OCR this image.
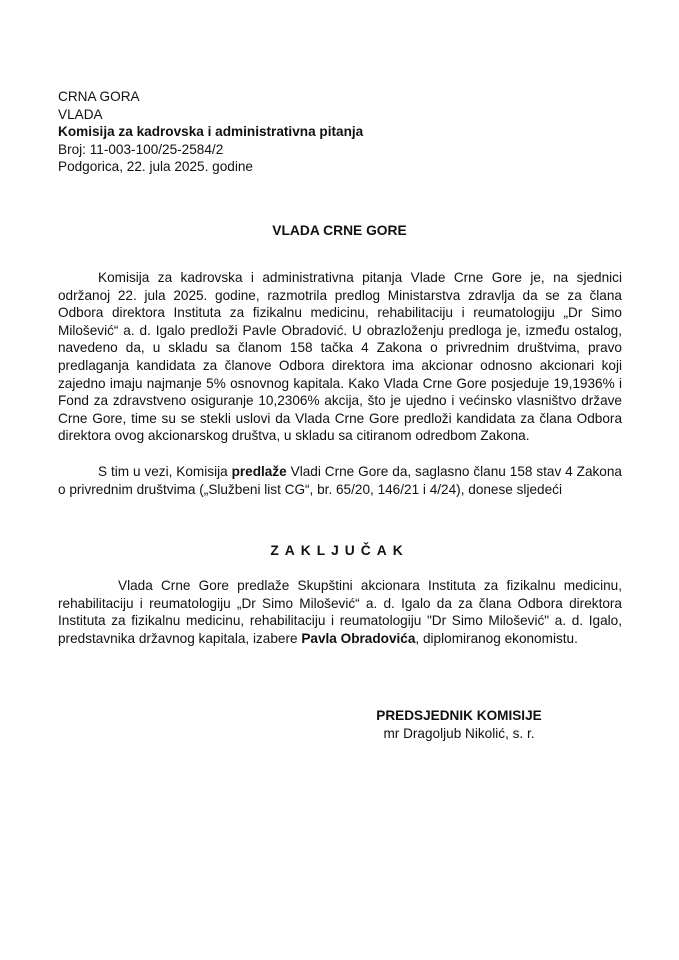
CRNA GORA
VLADA
Komisija za kadrovska i administrativna pitanja
Broj: 11-003-100/25-2584/2
Podgorica, 22. jula 2025. godine
VLADA CRNE GORE
Komisija za kadrovska i administrativna pitanja Vlade Crne Gore je, na sjednici održanoj 22. jula 2025. godine, razmotrila predlog Ministarstva zdravlja da se za člana Odbora direktora Instituta za fizikalnu medicinu, rehabilitaciju i reumatologiju „Dr Simo Milošević“ a. d. Igalo predloži Pavle Obradović. U obrazloženju predloga je, između ostalog, navedeno da, u skladu sa članom 158 tačka 4 Zakona o privrednim društvima, pravo predlaganja kandidata za članove Odbora direktora ima akcionar odnosno akcionari koji zajedno imaju najmanje 5% osnovnog kapitala. Kako Vlada Crne Gore posjeduje 19,1936% i Fond za zdravstveno osiguranje 10,2306% akcija, što je ujedno i većinsko vlasništvo države Crne Gore, time su se stekli uslovi da Vlada Crne Gore predloži kandidata za člana Odbora direktora ovog akcionarskog društva, u skladu sa citiranom odredbom Zakona.
S tim u vezi, Komisija predlaže Vladi Crne Gore da, saglasno članu 158 stav 4 Zakona o privrednim društvima („Službeni list CG“, br. 65/20, 146/21 i 4/24), donese sljedeći
ZAKLJUČAK
Vlada Crne Gore predlaže Skupštini akcionara Instituta za fizikalnu medicinu, rehabilitaciju i reumatologiju „Dr Simo Milošević“ a. d. Igalo da za člana Odbora direktora Instituta za fizikalnu medicinu, rehabilitaciju i reumatologiju "Dr Simo Milošević" a. d. Igalo, predstavnika državnog kapitala, izabere Pavla Obradovića, diplomiranog ekonomistu.
PREDSJEDNIK KOMISIJE
mr Dragoljub Nikolić, s. r.
